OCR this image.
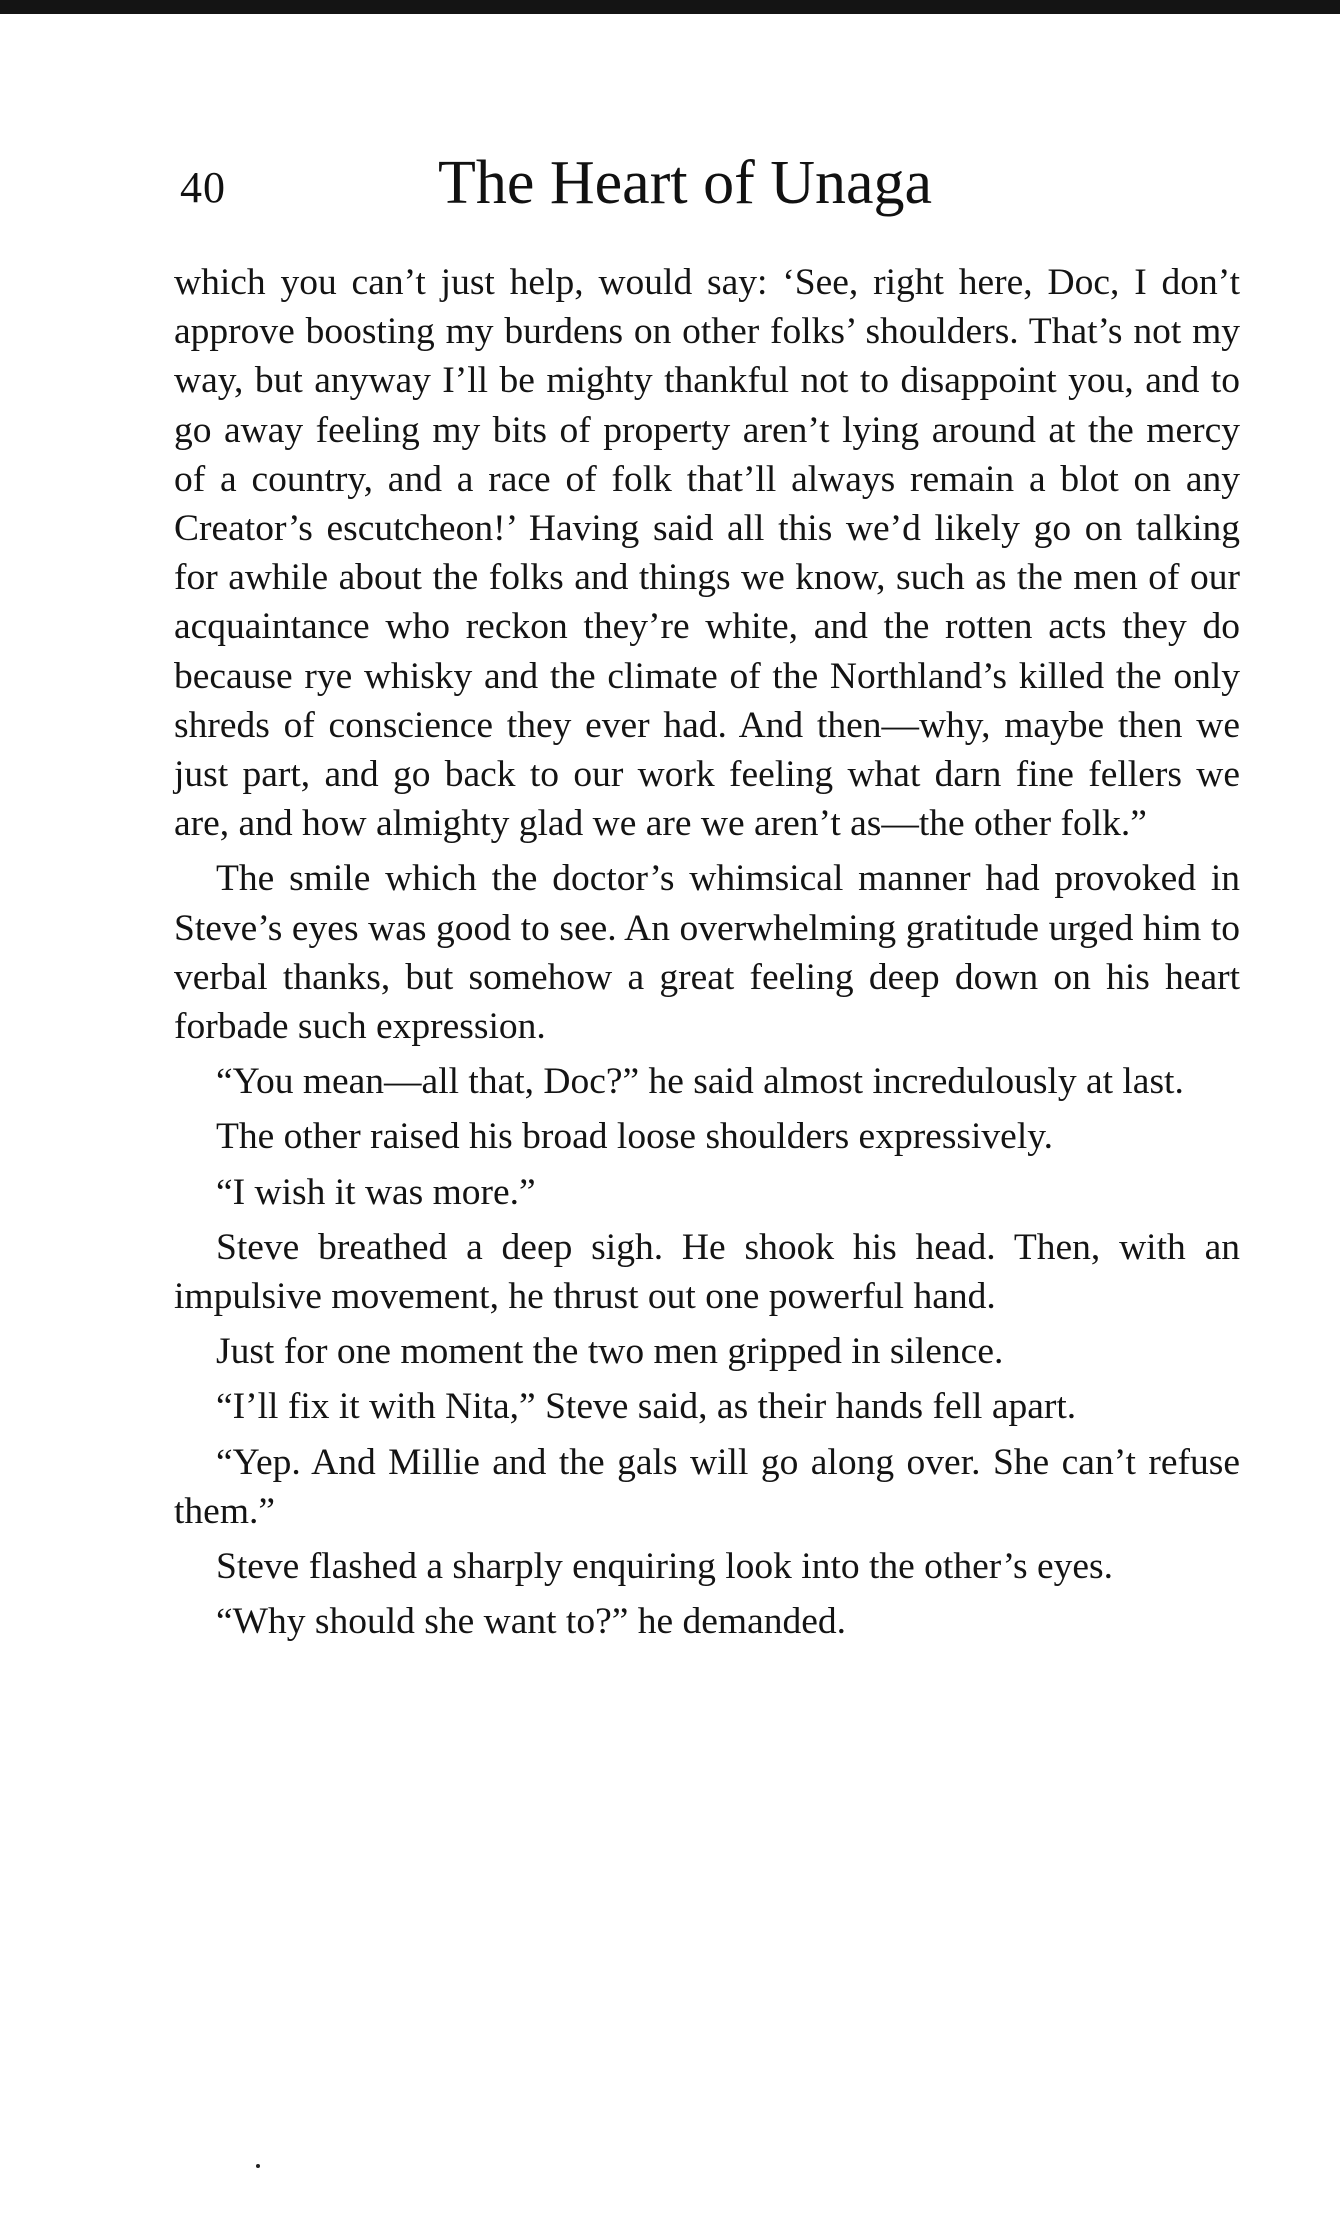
40	The Heart of Unaga

which you can’t just help, would say: ‘See, right here, Doc, I don’t approve boosting my burdens on other folks’ shoulders. That’s not my way, but anyway I’ll be mighty thankful not to disappoint you, and to go away feeling my bits of property aren’t lying around at the mercy of a country, and a race of folk that’ll always remain a blot on any Creator’s escutcheon!’ Having said all this we’d likely go on talking for awhile about the folks and things we know, such as the men of our acquaintance who reckon they’re white, and the rotten acts they do because rye whisky and the climate of the Northland’s killed the only shreds of conscience they ever had. And then—why, maybe then we just part, and go back to our work feeling what darn fine fellers we are, and how almighty glad we are we aren’t as—the other folk.”

The smile which the doctor’s whimsical manner had provoked in Steve’s eyes was good to see. An overwhelming gratitude urged him to verbal thanks, but somehow a great feeling deep down on his heart forbade such expression.

“You mean—all that, Doc?” he said almost incredulously at last.

The other raised his broad loose shoulders expressively.

“I wish it was more.”

Steve breathed a deep sigh. He shook his head. Then, with an impulsive movement, he thrust out one powerful hand.

Just for one moment the two men gripped in silence.

“I’ll fix it with Nita,” Steve said, as their hands fell apart.

“Yep. And Millie and the gals will go along over. She can’t refuse them.”

Steve flashed a sharply enquiring look into the other’s eyes.

“Why should she want to?” he demanded.
